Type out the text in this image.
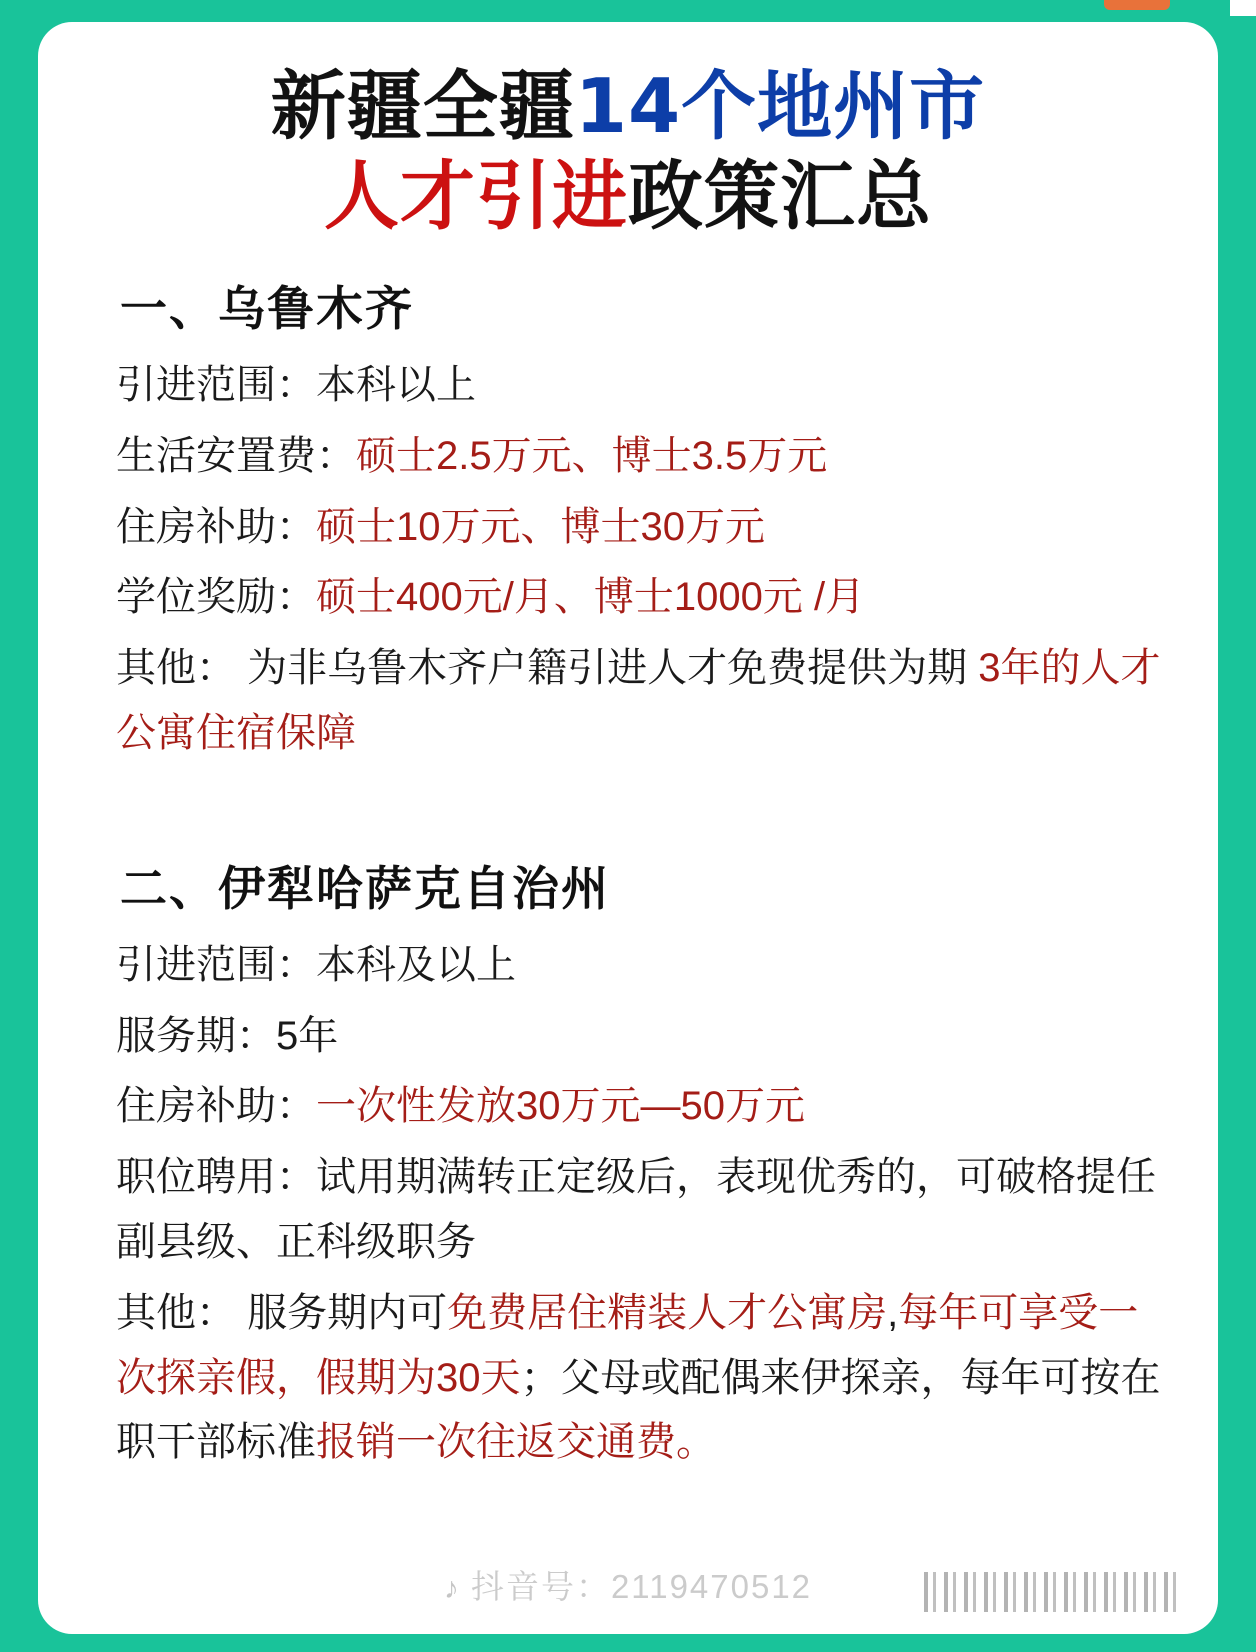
新疆全疆14个地州市
人才引进政策汇总
一、乌鲁木齐

引进范围：本科以上

生活安置费：硕士2.5万元、博士3.5万元

住房补助：硕士10万元、博士30万元

学位奖励：硕士400元/月、博士1000元 /月

其他： 为非乌鲁木齐户籍引进人才免费提供为期 3年的人才公寓住宿保障

二、伊犁哈萨克自治州

引进范围：本科及以上

服务期：5年

住房补助：一次性发放30万元—50万元

职位聘用：试用期满转正定级后，表现优秀的，可破格提任副县级、正科级职务

其他： 服务期内可免费居住精装人才公寓房,每年可享受一次探亲假，假期为30天；父母或配偶来伊探亲，每年可按在职干部标准报销一次往返交通费。

♪ 抖音号：2119470512
